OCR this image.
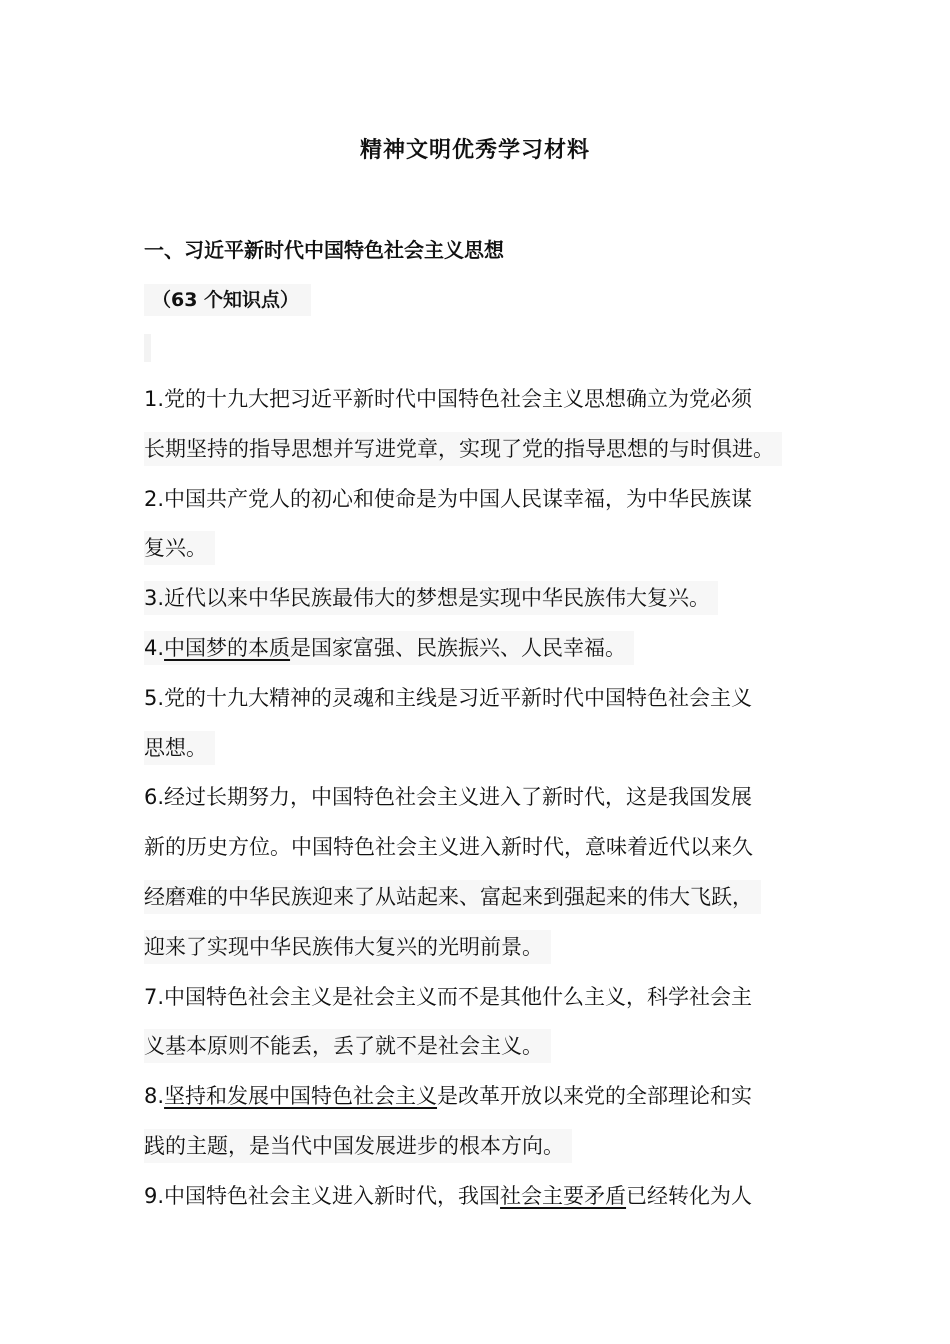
精神文明优秀学习材料
一、习近平新时代中国特色社会主义思想
（63 个知识点）
1.党的十九大把习近平新时代中国特色社会主义思想确立为党必须
长期坚持的指导思想并写进党章，实现了党的指导思想的与时俱进。
2.中国共产党人的初心和使命是为中国人民谋幸福，为中华民族谋
复兴。
3.近代以来中华民族最伟大的梦想是实现中华民族伟大复兴。
4.中国梦的本质是国家富强、民族振兴、人民幸福。
5.党的十九大精神的灵魂和主线是习近平新时代中国特色社会主义
思想。
6.经过长期努力，中国特色社会主义进入了新时代，这是我国发展
新的历史方位。中国特色社会主义进入新时代，意味着近代以来久
经磨难的中华民族迎来了从站起来、富起来到强起来的伟大飞跃，
迎来了实现中华民族伟大复兴的光明前景。
7.中国特色社会主义是社会主义而不是其他什么主义，科学社会主
义基本原则不能丢，丢了就不是社会主义。
8.坚持和发展中国特色社会主义是改革开放以来党的全部理论和实
践的主题，是当代中国发展进步的根本方向。
9.中国特色社会主义进入新时代，我国社会主要矛盾已经转化为人
